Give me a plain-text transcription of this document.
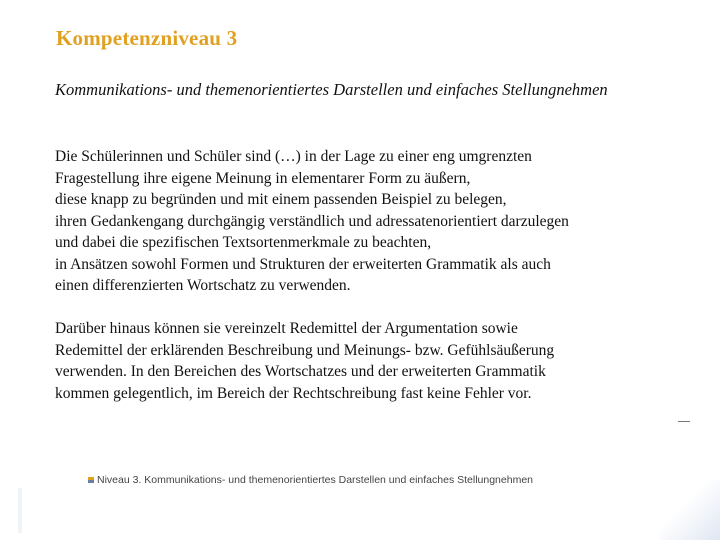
Kompetenzniveau 3

Kommunikations- und themenorientiertes Darstellen und einfaches Stellungnehmen

Die Schülerinnen und Schüler sind (…) in der Lage zu einer eng umgrenzten
Fragestellung ihre eigene Meinung in elementarer Form zu äußern,
diese knapp zu begründen und mit einem passenden Beispiel zu belegen,
ihren Gedankengang durchgängig verständlich und adressatenorientiert darzulegen
und dabei die spezifischen Textsortenmerkmale zu beachten,
in Ansätzen sowohl Formen und Strukturen der erweiterten Grammatik als auch
einen differenzierten Wortschatz zu verwenden.

Darüber hinaus können sie vereinzelt Redemittel der Argumentation sowie
Redemittel der erklärenden Beschreibung und Meinungs- bzw. Gefühlsäußerung
verwenden. In den Bereichen des Wortschatzes und der erweiterten Grammatik
kommen gelegentlich, im Bereich der Rechtschreibung fast keine Fehler vor.

Niveau 3. Kommunikations- und themenorientiertes Darstellen und einfaches Stellungnehmen
